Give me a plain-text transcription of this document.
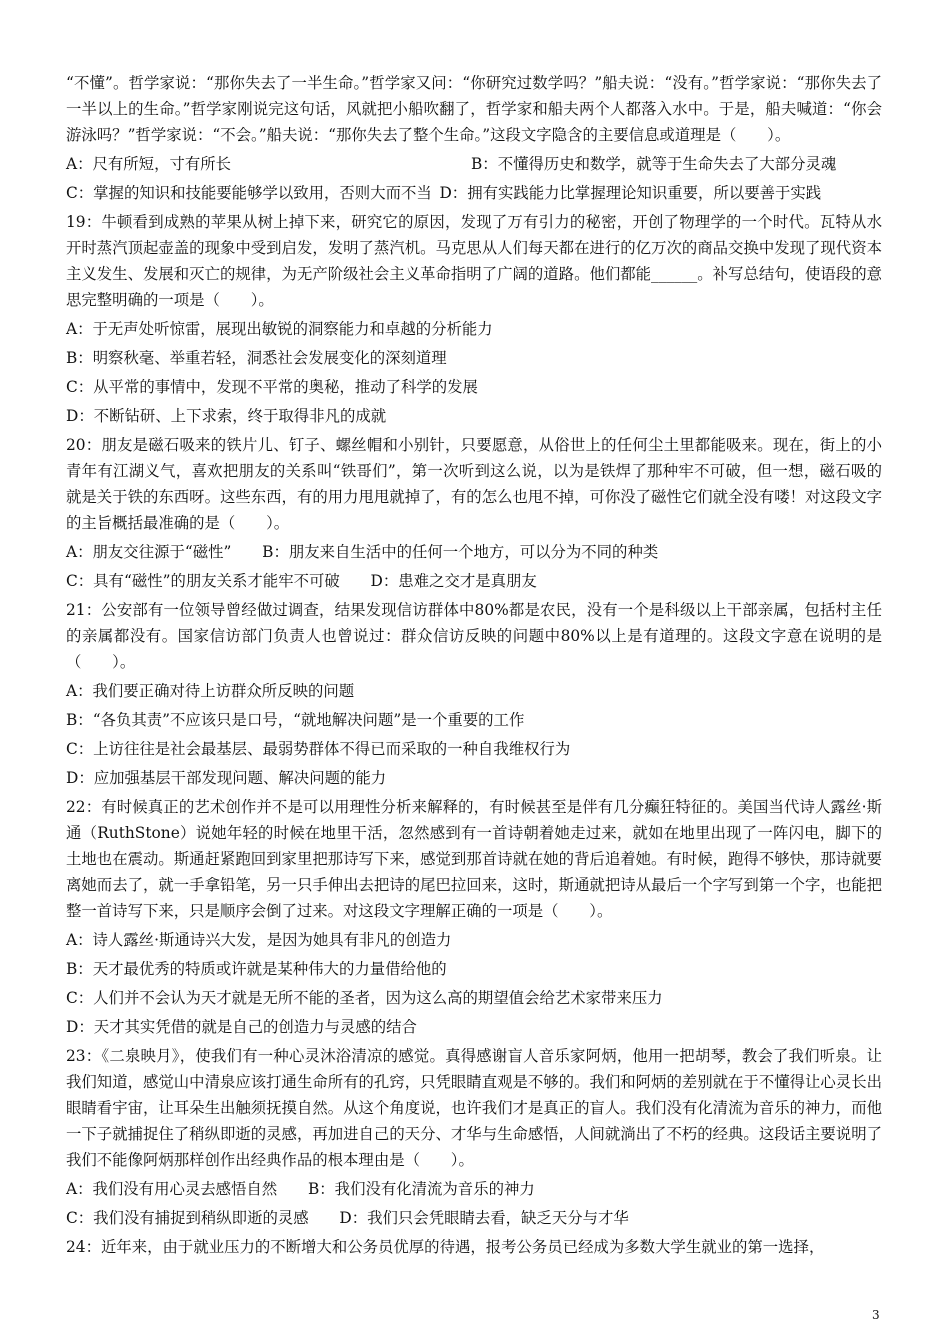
“不懂”。哲学家说：“那你失去了一半生命。”哲学家又问：“你研究过数学吗？”船夫说：“没有。”哲学家说：“那你失去了一半以上的生命。”哲学家刚说完这句话，风就把小船吹翻了，哲学家和船夫两个人都落入水中。于是，船夫喊道：“你会游泳吗？”哲学家说：“不会。”船夫说：“那你失去了整个生命。”这段文字隐含的主要信息或道理是（　　）。

A：尺有所短，寸有所长	B：不懂得历史和数学，就等于生命失去了大部分灵魂

C：掌握的知识和技能要能够学以致用，否则大而不当  D：拥有实践能力比掌握理论知识重要，所以要善于实践

19：牛顿看到成熟的苹果从树上掉下来，研究它的原因，发现了万有引力的秘密，开创了物理学的一个时代。瓦特从水开时蒸汽顶起壶盖的现象中受到启发，发明了蒸汽机。马克思从人们每天都在进行的亿万次的商品交换中发现了现代资本主义发生、发展和灭亡的规律，为无产阶级社会主义革命指明了广阔的道路。他们都能______。补写总结句，使语段的意思完整明确的一项是（　　）。

A：于无声处听惊雷，展现出敏锐的洞察能力和卓越的分析能力

B：明察秋毫、举重若轻，洞悉社会发展变化的深刻道理

C：从平常的事情中，发现不平常的奥秘，推动了科学的发展

D：不断钻研、上下求索，终于取得非凡的成就

20：朋友是磁石吸来的铁片儿、钉子、螺丝帽和小别针，只要愿意，从俗世上的任何尘土里都能吸来。现在，街上的小青年有江湖义气，喜欢把朋友的关系叫“铁哥们”，第一次听到这么说，以为是铁焊了那种牢不可破，但一想，磁石吸的就是关于铁的东西呀。这些东西，有的用力甩甩就掉了，有的怎么也甩不掉，可你没了磁性它们就全没有喽！对这段文字的主旨概括最准确的是（　　）。

A：朋友交往源于“磁性”   B：朋友来自生活中的任何一个地方，可以分为不同的种类

C：具有“磁性”的朋友关系才能牢不可破   D：患难之交才是真朋友

21：公安部有一位领导曾经做过调查，结果发现信访群体中80%都是农民，没有一个是科级以上干部亲属，包括村主任的亲属都没有。国家信访部门负责人也曾说过：群众信访反映的问题中80%以上是有道理的。这段文字意在说明的是（　　）。

A：我们要正确对待上访群众所反映的问题

B：“各负其责”不应该只是口号，“就地解决问题”是一个重要的工作

C：上访往往是社会最基层、最弱势群体不得已而采取的一种自我维权行为

D：应加强基层干部发现问题、解决问题的能力

22：有时候真正的艺术创作并不是可以用理性分析来解释的，有时候甚至是伴有几分癫狂特征的。美国当代诗人露丝·斯通（RuthStone）说她年轻的时候在地里干活，忽然感到有一首诗朝着她走过来，就如在地里出现了一阵闪电，脚下的土地也在震动。斯通赶紧跑回到家里把那诗写下来，感觉到那首诗就在她的背后追着她。有时候，跑得不够快，那诗就要离她而去了，就一手拿铅笔，另一只手伸出去把诗的尾巴拉回来，这时，斯通就把诗从最后一个字写到第一个字，也能把整一首诗写下来，只是顺序会倒了过来。对这段文字理解正确的一项是（　　）。

A：诗人露丝·斯通诗兴大发，是因为她具有非凡的创造力

B：天才最优秀的特质或许就是某种伟大的力量借给他的

C：人们并不会认为天才就是无所不能的圣者，因为这么高的期望值会给艺术家带来压力

D：天才其实凭借的就是自己的创造力与灵感的结合

23：《二泉映月》，使我们有一种心灵沐浴清凉的感觉。真得感谢盲人音乐家阿炳，他用一把胡琴，教会了我们听泉。让我们知道，感觉山中清泉应该打通生命所有的孔窍，只凭眼睛直观是不够的。我们和阿炳的差别就在于不懂得让心灵长出眼睛看宇宙，让耳朵生出触须抚摸自然。从这个角度说，也许我们才是真正的盲人。我们没有化清流为音乐的神力，而他一下子就捕捉住了稍纵即逝的灵感，再加进自己的天分、才华与生命感悟，人间就淌出了不朽的经典。这段话主要说明了我们不能像阿炳那样创作出经典作品的根本理由是（　　）。

A：我们没有用心灵去感悟自然   B：我们没有化清流为音乐的神力

C：我们没有捕捉到稍纵即逝的灵感   D：我们只会凭眼睛去看，缺乏天分与才华

24：近年来，由于就业压力的不断增大和公务员优厚的待遇，报考公务员已经成为多数大学生就业的第一选择，

3
